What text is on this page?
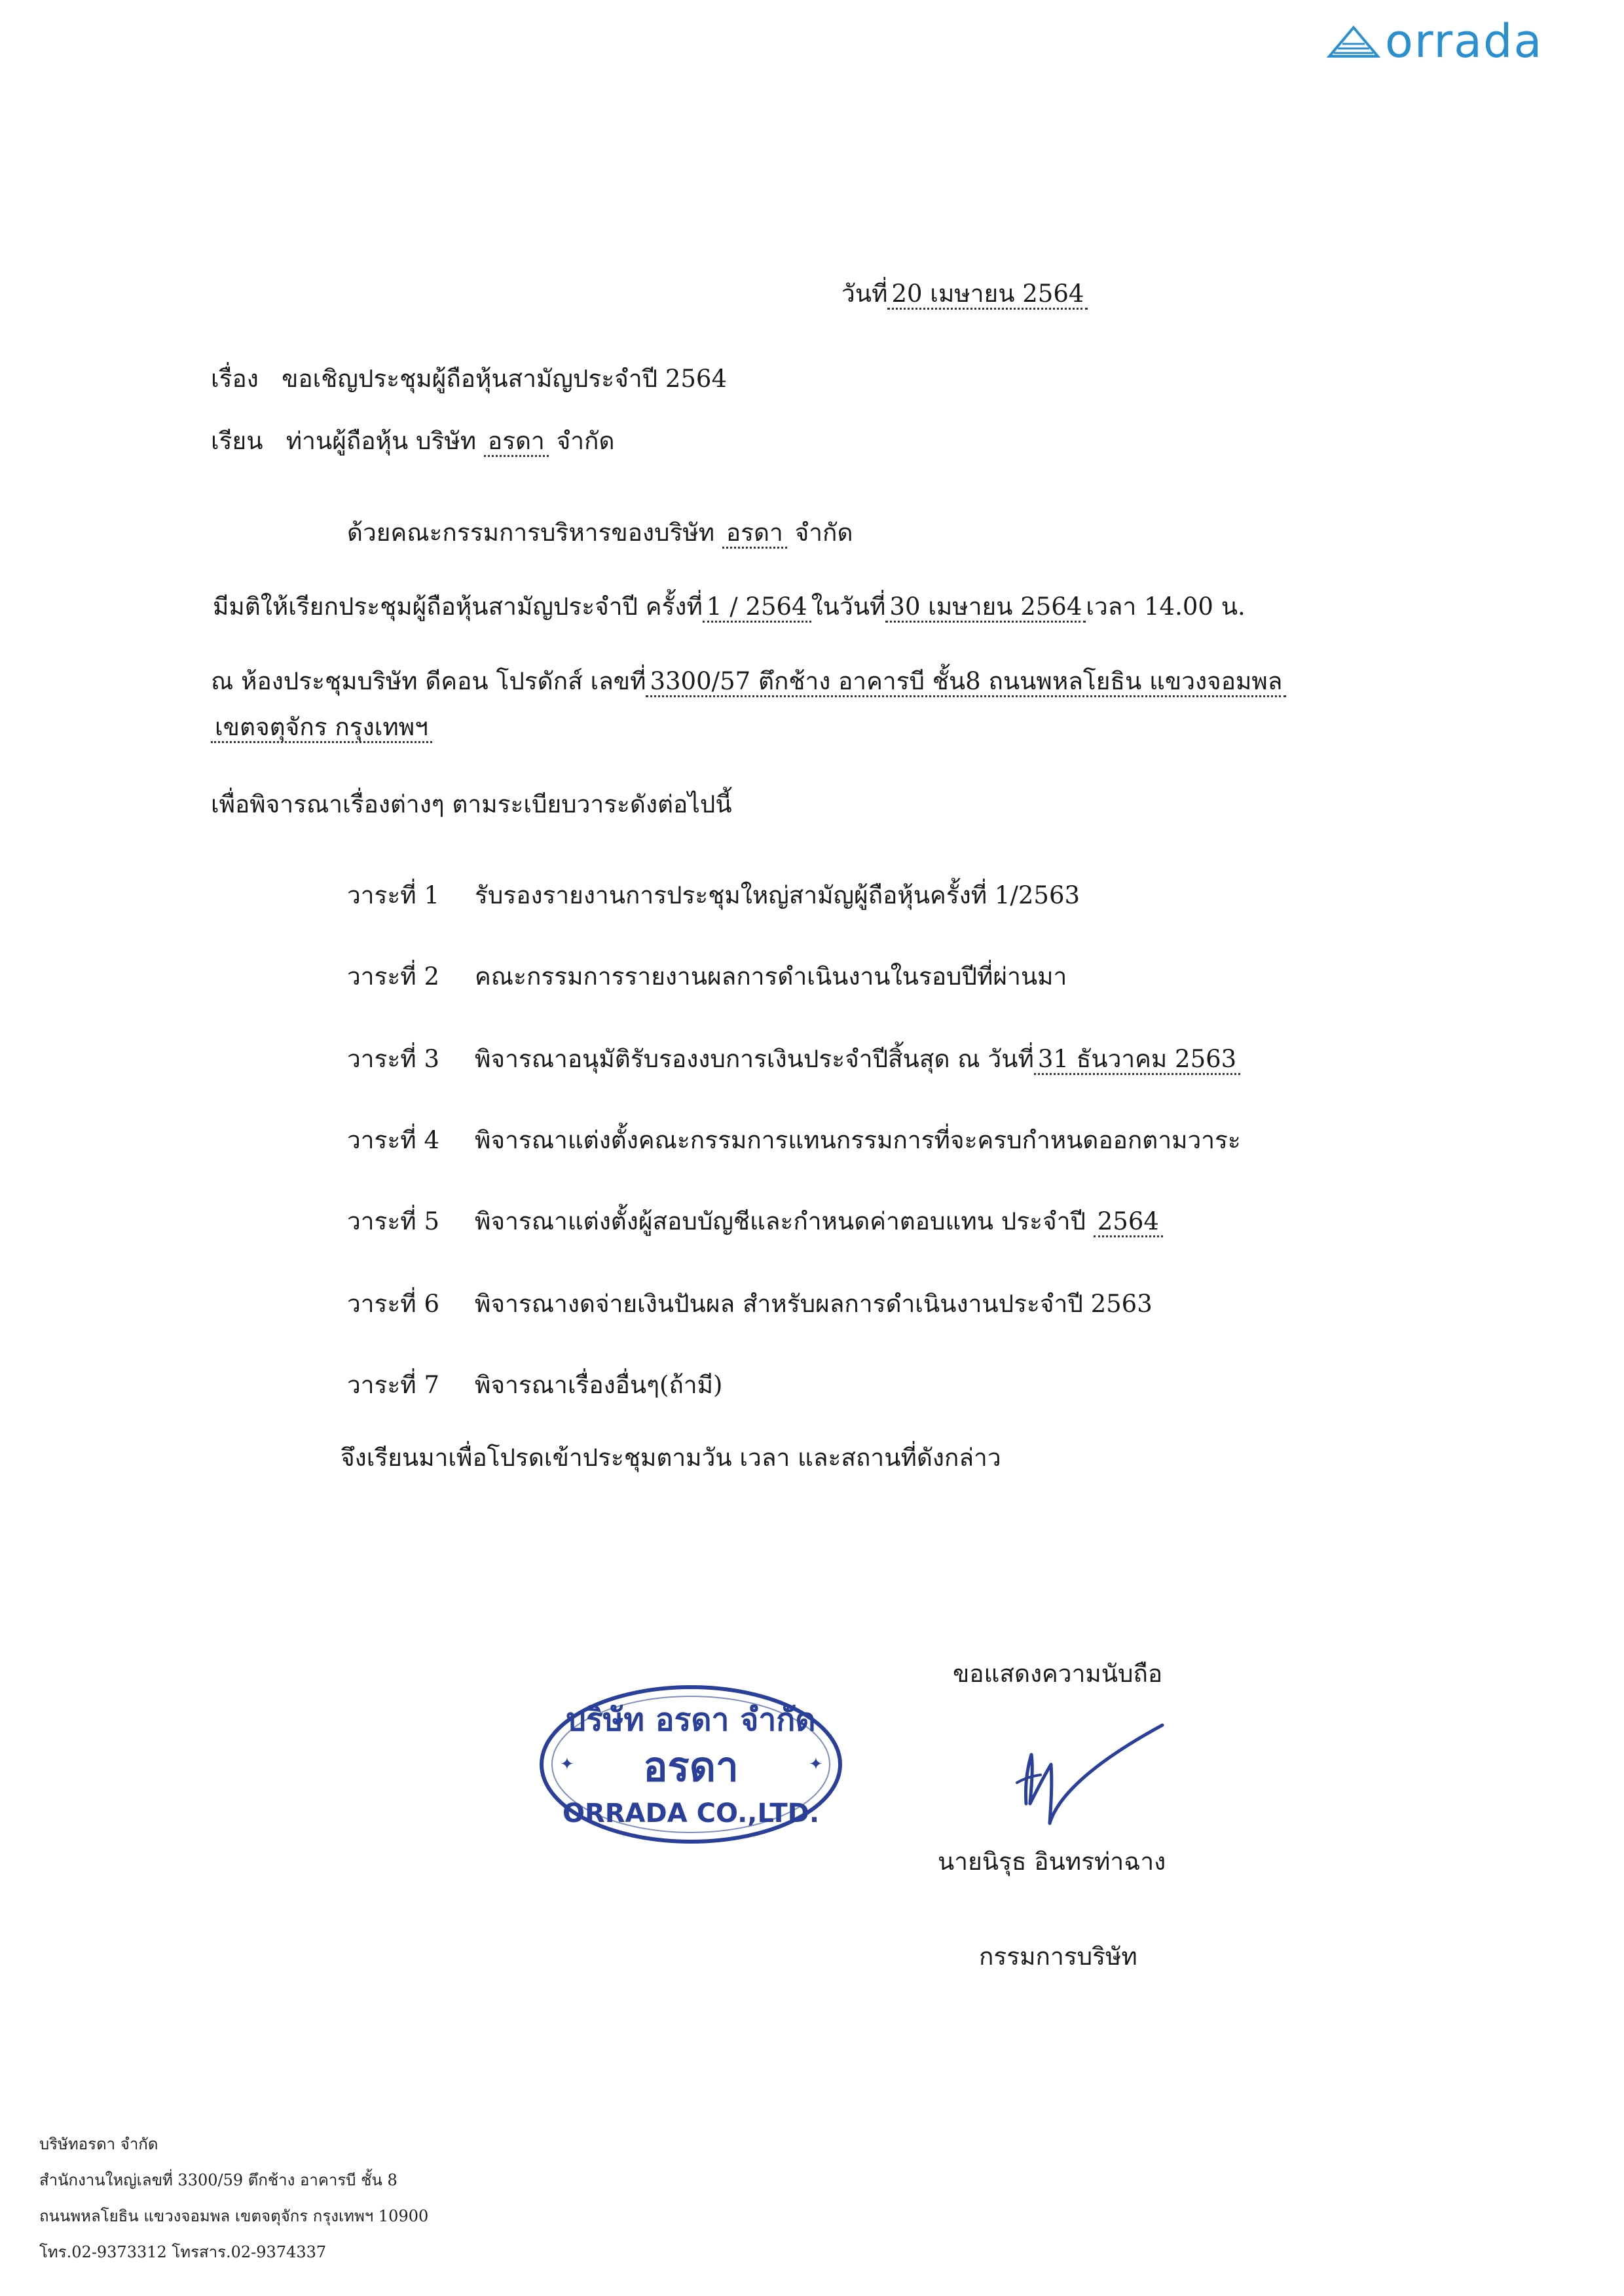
orrada
วันที่ 20 เมษายน 2564
เรื่อง ขอเชิญประชุมผู้ถือหุ้นสามัญประจำปี 2564
เรียน ท่านผู้ถือหุ้น บริษัท อรดา จำกัด
ด้วยคณะกรรมการบริหารของบริษัท อรดา จำกัด
มีมติให้เรียกประชุมผู้ถือหุ้นสามัญประจำปี ครั้งที่ 1 / 2564 ในวันที่ 30 เมษายน 2564 เวลา 14.00 น.
ณ ห้องประชุมบริษัท ดีคอน โปรดักส์ เลขที่ 3300/57 ตึกช้าง อาคารบี ชั้น8 ถนนพหลโยธิน แขวงจอมพล
เขตจตุจักร กรุงเทพฯ
เพื่อพิจารณาเรื่องต่างๆ ตามระเบียบวาระดังต่อไปนี้
วาระที่ 1 รับรองรายงานการประชุมใหญ่สามัญผู้ถือหุ้นครั้งที่ 1/2563
วาระที่ 2 คณะกรรมการรายงานผลการดำเนินงานในรอบปีที่ผ่านมา
วาระที่ 3 พิจารณาอนุมัติรับรองงบการเงินประจำปีสิ้นสุด ณ วันที่ 31 ธันวาคม 2563
วาระที่ 4 พิจารณาแต่งตั้งคณะกรรมการแทนกรรมการที่จะครบกำหนดออกตามวาระ
วาระที่ 5 พิจารณาแต่งตั้งผู้สอบบัญชีและกำหนดค่าตอบแทน ประจำปี 2564
วาระที่ 6 พิจารณางดจ่ายเงินปันผล สำหรับผลการดำเนินงานประจำปี 2563
วาระที่ 7 พิจารณาเรื่องอื่นๆ(ถ้ามี)
จึงเรียนมาเพื่อโปรดเข้าประชุมตามวัน เวลา และสถานที่ดังกล่าว
ขอแสดงความนับถือ
บริษัท อรดา จำกัด
อรดา
ORRADA CO.,LTD.
✦	✦
นายนิรุธ อินทรท่าฉาง
กรรมการบริษัท
บริษัทอรดา จำกัด
สำนักงานใหญ่เลขที่ 3300/59 ตึกช้าง อาคารบี ชั้น 8
ถนนพหลโยธิน แขวงจอมพล เขตจตุจักร กรุงเทพฯ 10900
โทร.02-9373312 โทรสาร.02-9374337
